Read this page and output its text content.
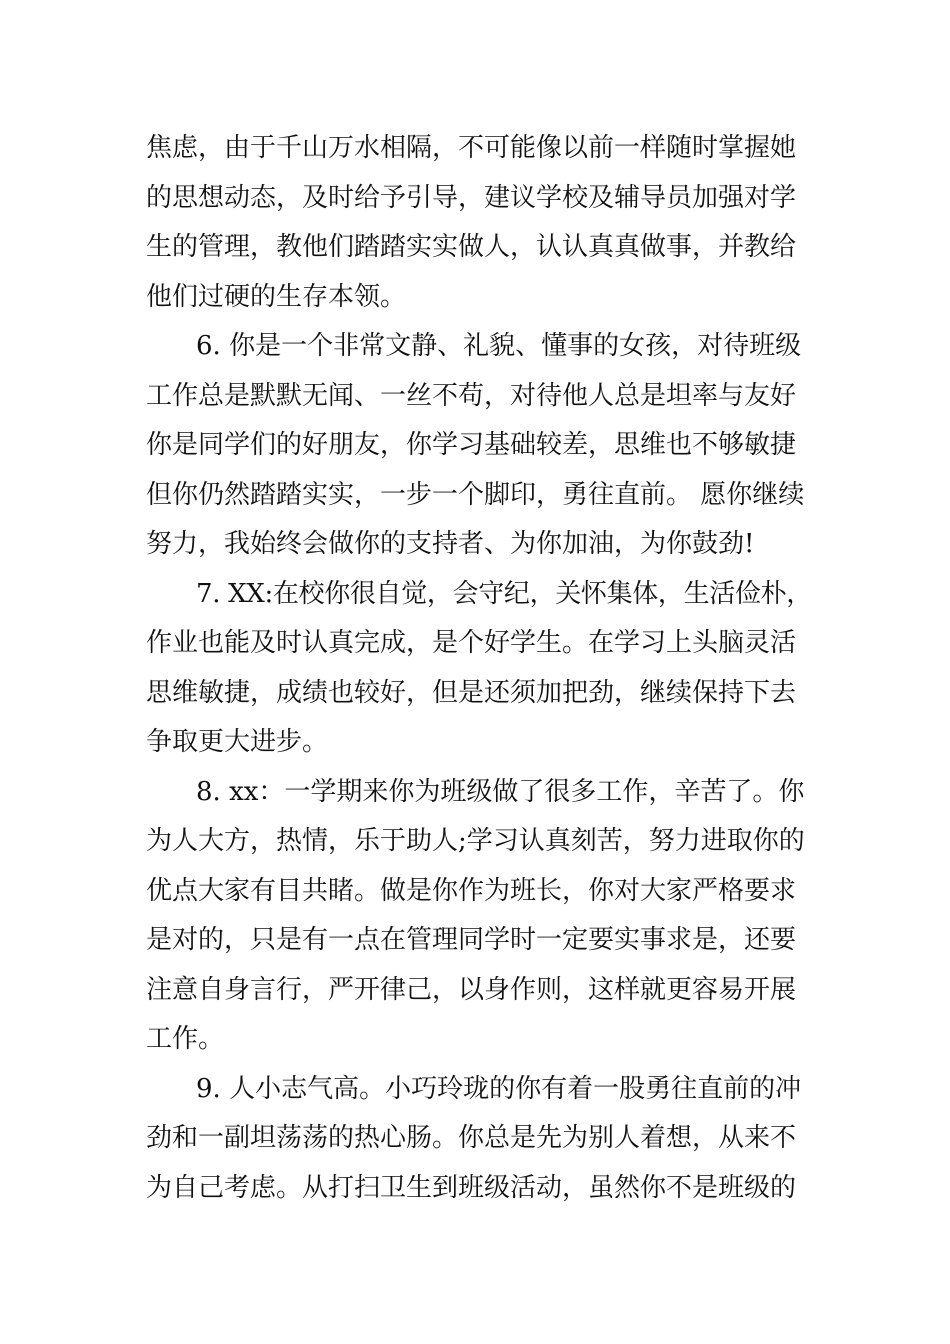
焦虑，由于千山万水相隔，不可能像以前一样随时掌握她
的思想动态，及时给予引导，建议学校及辅导员加强对学
生的管理，教他们踏踏实实做人，认认真真做事，并教给
他们过硬的生存本领。
6. 你是一个非常文静、礼貌、懂事的女孩，对待班级
工作总是默默无闻、一丝不苟，对待他人总是坦率与友好
你是同学们的好朋友，你学习基础较差，思维也不够敏捷
但你仍然踏踏实实，一步一个脚印，勇往直前。 愿你继续
努力，我始终会做你的支持者、为你加油，为你鼓劲!
7. XX:在校你很自觉，会守纪，关怀集体，生活俭朴，
作业也能及时认真完成，是个好学生。在学习上头脑灵活
思维敏捷，成绩也较好，但是还须加把劲，继续保持下去
争取更大进步。
8. xx：一学期来你为班级做了很多工作，辛苦了。你
为人大方，热情，乐于助人;学习认真刻苦，努力进取你的
优点大家有目共睹。做是你作为班长，你对大家严格要求
是对的，只是有一点在管理同学时一定要实事求是，还要
注意自身言行，严开律己，以身作则，这样就更容易开展
工作。
9. 人小志气高。小巧玲珑的你有着一股勇往直前的冲
劲和一副坦荡荡的热心肠。你总是先为别人着想，从来不
为自己考虑。从打扫卫生到班级活动，虽然你不是班级的
